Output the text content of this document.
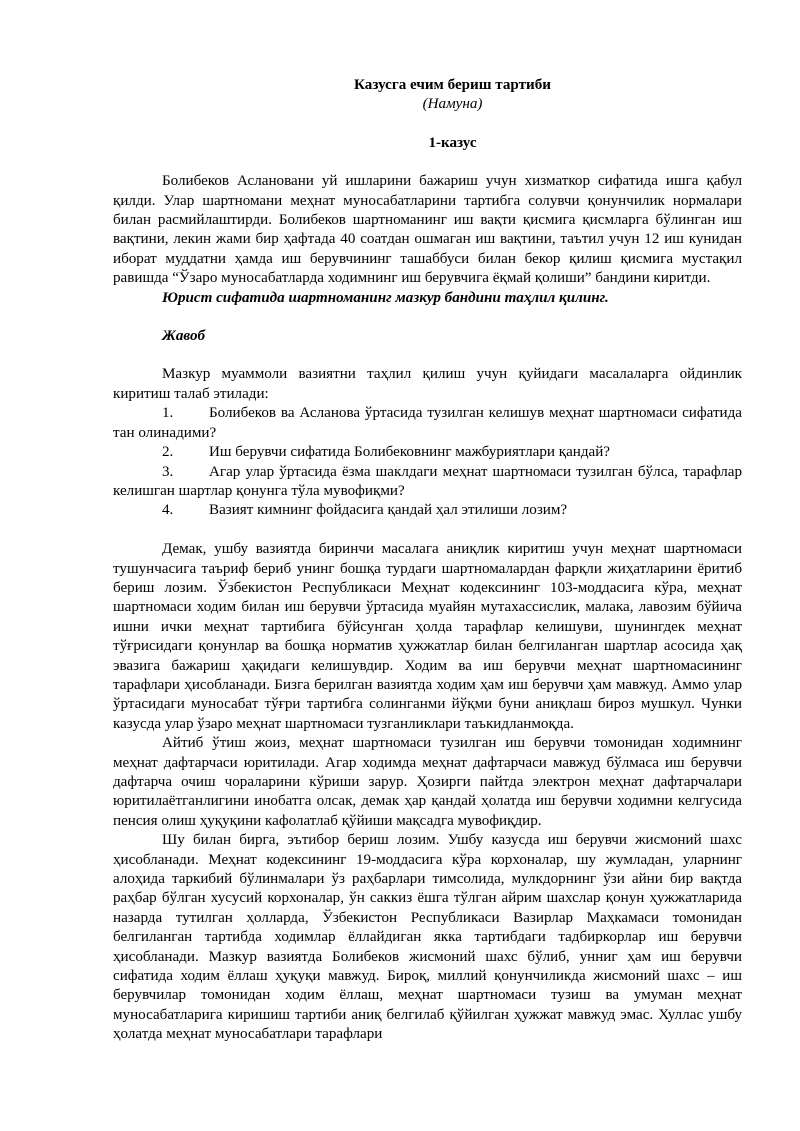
Казусга ечим бериш тартиби
(Намуна)
1-казус

Болибеков Аслановани уй ишларини бажариш учун хизматкор сифатида ишга қабул қилди. Улар шартномани меҳнат муносабатларини тартибга солувчи қонунчилик нормалари билан расмийлаштирди. Болибеков шартноманинг иш вақти қисмига қисмларга бўлинган иш вақтини, лекин жами бир ҳафтада 40 соатдан ошмаган иш вақтини, таътил учун 12 иш кунидан иборат муддатни ҳамда иш берувчининг ташаббуси билан бекор қилиш қисмига мустақил равишда “Ўзаро муносабатларда ходимнинг иш берувчига ёқмай қолиши” бандини киритди.

Юрист сифатида шартноманинг мазкур бандини таҳлил қилинг.

Жавоб

Мазкур муаммоли вазиятни таҳлил қилиш учун қуйидаги масалаларга ойдинлик киритиш талаб этилади:

1. Болибеков ва Асланова ўртасида тузилган келишув меҳнат шартномаси сифатида тан олинадими?

2. Иш берувчи сифатида Болибековнинг мажбуриятлари қандай?

3. Агар улар ўртасида ёзма шаклдаги меҳнат шартномаси тузилган бўлса, тарафлар келишган шартлар қонунга тўла мувофиқми?

4. Вазият кимнинг фойдасига қандай ҳал этилиши лозим?

Демак, ушбу вазиятда биринчи масалага аниқлик киритиш учун меҳнат шартномаси тушунчасига таъриф бериб унинг бошқа турдаги шартномалардан фарқли жиҳатларини ёритиб бериш лозим. Ўзбекистон Республикаси Меҳнат кодексининг 103-моддасига кўра, меҳнат шартномаси ходим билан иш берувчи ўртасида муайян мутахассислик, малака, лавозим бўйича ишни ички меҳнат тартибига бўйсунган ҳолда тарафлар келишуви, шунингдек меҳнат тўғрисидаги қонунлар ва бошқа норматив ҳужжатлар билан белгиланган шартлар асосида ҳақ эвазига бажариш ҳақидаги келишувдир. Ходим ва иш берувчи меҳнат шартномасининг тарафлари ҳисобланади. Бизга берилган вазиятда ходим ҳам иш берувчи ҳам мавжуд. Аммо улар ўртасидаги муносабат тўғри тартибга солинганми йўқми буни аниқлаш бироз мушкул. Чунки казусда улар ўзаро меҳнат шартномаси тузганликлари таъкидланмоқда.

Айтиб ўтиш жоиз, меҳнат шартномаси тузилган иш берувчи томонидан ходимнинг меҳнат дафтарчаси юритилади. Агар ходимда меҳнат дафтарчаси мавжуд бўлмаса иш берувчи дафтарча очиш чораларини кўриши зарур. Ҳозирги пайтда электрон меҳнат дафтарчалари юритилаётганлигини инобатга олсак, демак ҳар қандай ҳолатда иш берувчи ходимни келгусида пенсия олиш ҳуқуқини кафолатлаб қўйиши мақсадга мувофиқдир.

Шу билан бирга, эътибор бериш лозим. Ушбу казусда иш берувчи жисмоний шахс ҳисобланади. Меҳнат кодексининг 19-моддасига кўра корхоналар, шу жумладан, уларнинг алоҳида таркибий бўлинмалари ўз раҳбарлари тимсолида, мулкдорнинг ўзи айни бир вақтда раҳбар бўлган хусусий корхоналар, ўн саккиз ёшга тўлган айрим шахслар қонун ҳужжатларида назарда тутилган ҳолларда, Ўзбекистон Республикаси Вазирлар Маҳкамаси томонидан белгиланган тартибда ходимлар ёллайдиган якка тартибдаги тадбиркорлар иш берувчи ҳисобланади. Мазкур вазиятда Болибеков жисмоний шахс бўлиб, унниг ҳам иш берувчи сифатида ходим ёллаш ҳуқуқи мавжуд. Бироқ, миллий қонунчиликда жисмоний шахс – иш берувчилар томонидан ходим ёллаш, меҳнат шартномаси тузиш ва умуман меҳнат муносабатларига киришиш тартиби аниқ белгилаб қўйилган ҳужжат мавжуд эмас. Хуллас ушбу ҳолатда меҳнат муносабатлари тарафлари
